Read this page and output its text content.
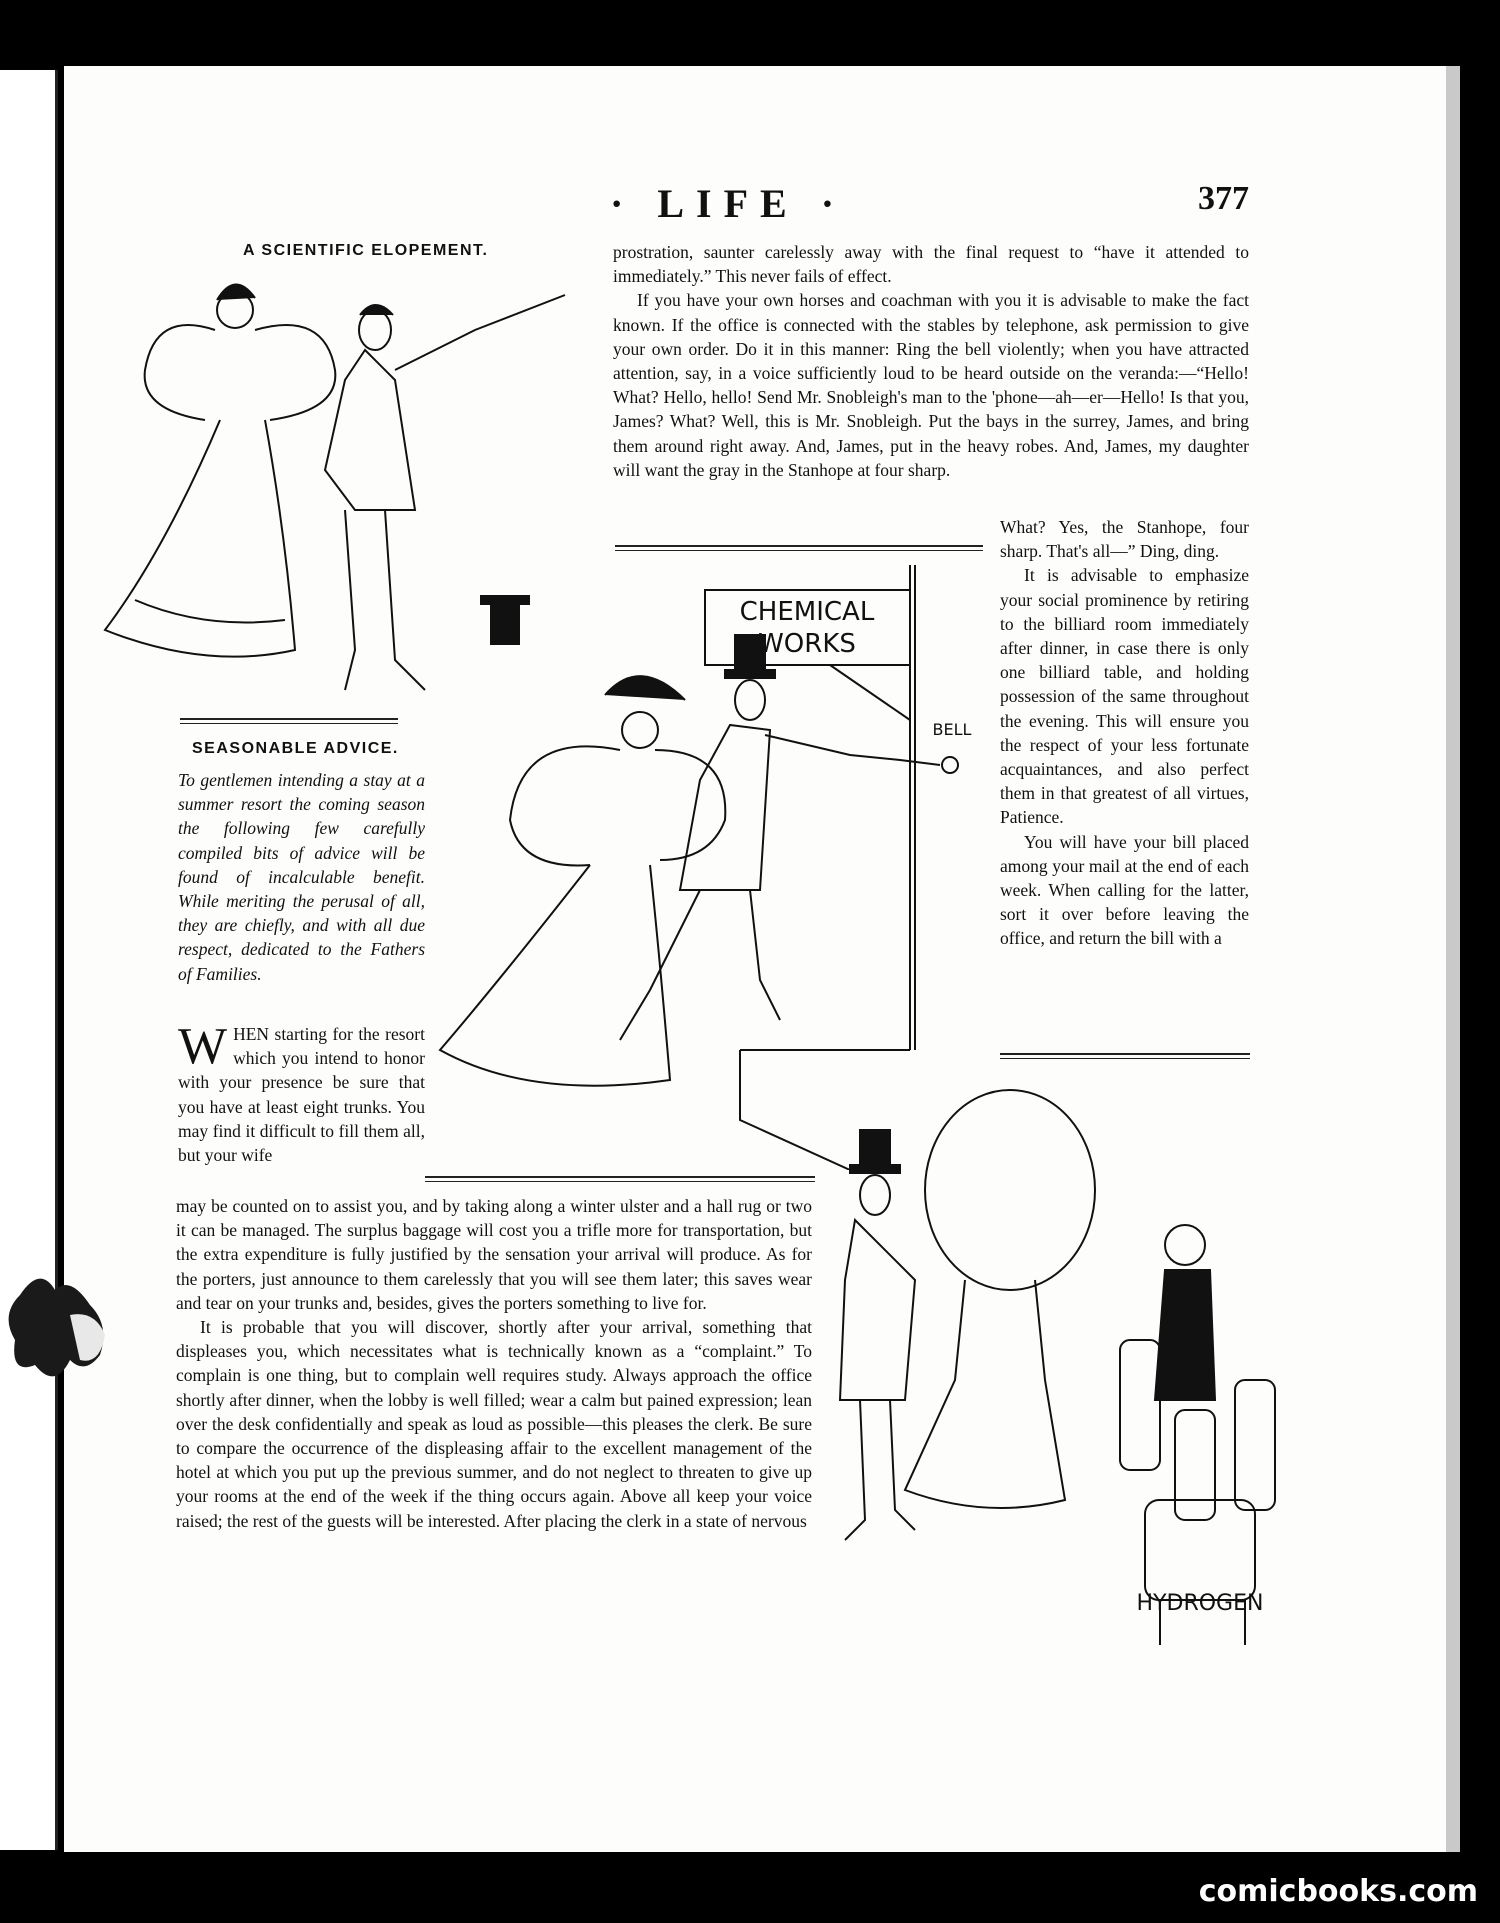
· LIFE ·	377
A SCIENTIFIC ELOPEMENT.
SEASONABLE ADVICE.
To gentlemen intending a stay at a summer resort the coming season the following few carefully compiled bits of advice will be found of incalculable benefit. While meriting the perusal of all, they are chiefly, and with all due respect, dedicated to the Fathers of Families.
WHEN starting for the resort which you intend to honor with your presence be sure that you have at least eight trunks. You may find it difficult to fill them all, but your wife

may be counted on to assist you, and by taking along a winter ulster and a hall rug or two it can be managed. The surplus baggage will cost you a trifle more for transportation, but the extra expenditure is fully justified by the sensation your arrival will produce. As for the porters, just announce to them carelessly that you will see them later; this saves wear and tear on your trunks and, besides, gives the porters something to live for.

It is probable that you will discover, shortly after your arrival, something that displeases you, which necessitates what is technically known as a “complaint.” To complain is one thing, but to complain well requires study. Always approach the office shortly after dinner, when the lobby is well filled; wear a calm but pained expression; lean over the desk confidentially and speak as loud as possible—this pleases the clerk. Be sure to compare the occurrence of the displeasing affair to the excellent management of the hotel at which you put up the previous summer, and do not neglect to threaten to give up your rooms at the end of the week if the thing occurs again. Above all keep your voice raised; the rest of the guests will be interested. After placing the clerk in a state of nervous

prostration, saunter carelessly away with the final request to “have it attended to immediately.” This never fails of effect.

If you have your own horses and coachman with you it is advisable to make the fact known. If the office is connected with the stables by telephone, ask permission to give your own order. Do it in this manner: Ring the bell violently; when you have attracted attention, say, in a voice sufficiently loud to be heard outside on the veranda:—“Hello! What? Hello, hello! Send Mr. Snobleigh's man to the 'phone—ah—er—Hello! Is that you, James? What? Well, this is Mr. Snobleigh. Put the bays in the surrey, James, and bring them around right away. And, James, put in the heavy robes. And, James, my daughter will want the gray in the Stanhope at four sharp.

What? Yes, the Stanhope, four sharp. That's all—” Ding, ding.

It is advisable to emphasize your social prominence by retiring to the billiard room immediately after dinner, in case there is only one billiard table, and holding possession of the same throughout the evening. This will ensure you the respect of your less fortunate acquaintances, and also perfect them in that greatest of all virtues, Patience.

You will have your bill placed among your mail at the end of each week. When calling for the latter, sort it over before leaving the office, and return the bill with a

CHEMICAL
WORKS
BELL
HYDROGEN
comicbooks.com
